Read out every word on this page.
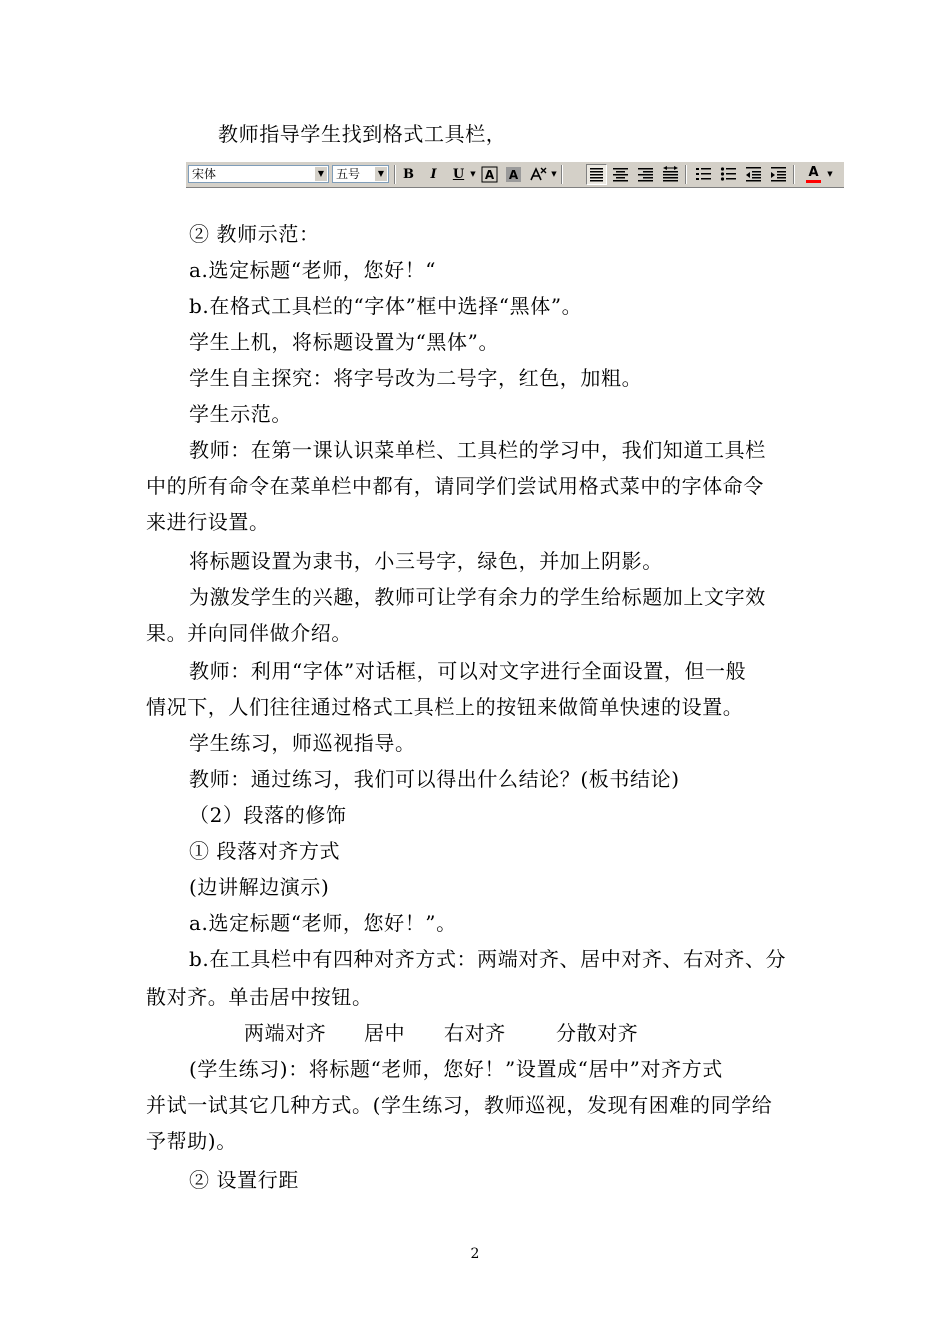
教师指导学生找到格式工具栏，
宋体	▼ 五号	▼	B	I	U ▼ A A	▼	A	▼
② 教师示范：
a.选定标题“老师，您好！“
b.在格式工具栏的“字体”框中选择“黑体”。
学生上机，将标题设置为“黑体”。
学生自主探究：将字号改为二号字，红色，加粗。
学生示范。
教师：在第一课认识菜单栏、工具栏的学习中，我们知道工具栏
中的所有命令在菜单栏中都有，请同学们尝试用格式菜中的字体命令
来进行设置。
将标题设置为隶书，小三号字，绿色，并加上阴影。
为激发学生的兴趣，教师可让学有余力的学生给标题加上文字效
果。并向同伴做介绍。
教师：利用“字体”对话框，可以对文字进行全面设置，但一般
情况下，人们往往通过格式工具栏上的按钮来做简单快速的设置。
学生练习，师巡视指导。
教师：通过练习，我们可以得出什么结论？(板书结论)
（2）段落的修饰
① 段落对齐方式
(边讲解边演示)
a.选定标题“老师，您好！”。
b.在工具栏中有四种对齐方式：两端对齐、居中对齐、右对齐、分
散对齐。单击居中按钮。
两端对齐 居中 右对齐	分散对齐
(学生练习)：将标题“老师，您好！”设置成“居中”对齐方式
并试一试其它几种方式。(学生练习，教师巡视，发现有困难的同学给
予帮助)。
② 设置行距
2
